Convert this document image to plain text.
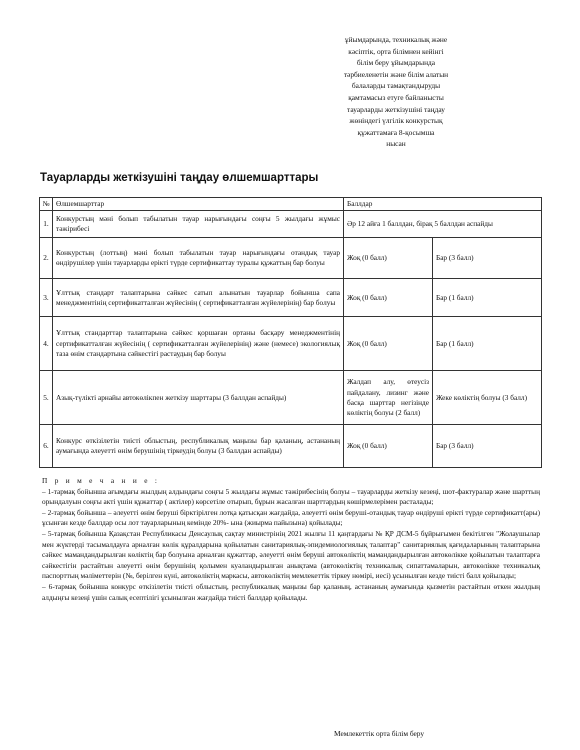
ұйымдарында, техникалық және
кәсіптік, орта білімнен кейінгі
білім беру ұйымдарында
тәрбиеленетін және білім алатын
балаларды тамақтандыруды
қамтамасыз етуге байланысты
тауарларды жеткізушіні таңдау
жөніндегі үлгілік конкурстық
құжаттамаға 8-қосымша
нысан
Тауарларды жеткізушіні таңдау өлшемшарттары
№	Өлшемшарттар	Баллдар	
1.	Конкурстың мәні болып табылатын тауар нарығындағы соңғы 5 жылдағы жұмыс тәжірибесі	Әр 12 айға 1 баллдан, бірақ 5 баллдан аспайды	
2.	Конкурстың (лоттың) мәні болып табылатын тауар нарығындағы отандық тауар өндірушілер үшін тауарларды еріктi түрде сертификаттау туралы құжаттың бар болуы	Жоқ (0 балл)	Бар (3 балл)
3.	Ұлттық стандарт талаптарына сәйкес сатып алынатын тауарлар бойынша сапа менеджментінің сертификатталған жүйесінің ( сертификатталған жүйелерінің) бар болуы	Жоқ (0 балл)	Бар (1 балл)
4.	Ұлттық стандарттар талаптарына сәйкес қоршаған ортаны басқару менеджментінің сертификатталған жүйесінің ( сертификатталған жүйелерінің) және (немесе) экологиялық таза өнім стандартына сәйкестігі растаудың бар болуы	Жоқ (0 балл)	Бар (1 балл)
5.	Азық-түлікті арнайы автокөлікпен жеткізу шарттары (3 баллдан аспайды)	Жалдап алу, өтеусіз пайдалану, лизинг және басқа шарттар негізінде көліктің болуы (2 балл)	Жеке көліктің болуы (3 балл)
6.	Конкурс өткізілетін тиісті облыстың, республикалық маңызы бар қаланың, астананың аумағында әлеуетті өнім берушінің тіркеудің болуы (3 баллдан аспайды)	Жоқ (0 балл)	Бар (3 балл)

П р и м е ч а н и е :

– 1-тармақ бойынша ағымдағы жылдың алдындағы соңғы 5 жылдағы жұмыс тәжірибесінің болуы – тауарларды жеткізу кезеңі, шот-фактуралар және шарттың орындалуын соңғы акті үшін құжаттар ( актілер) көрсетіле отырып, бұрын жасалған шарттардың көшірмелерімен расталады;

– 2-тармақ бойынша – әлеуетті өнім беруші бірктірілген лотқа қатысқан жағдайда, әлеуетті өнім беруші-отандық тауар өндіруші еріктi түрде сертификатт(ары) ұсынған кезде баллдар осы лот тауарларының кемінде 20%- ына (жиырма пайызына) қойылады;

– 5-тармақ бойынша Қазақстан Республикасы Денсаулық сақтау министрінің 2021 жылғы 11 қаңтардағы № ҚР ДСМ-5 бұйрығымен бекітілген "Жолаушылар мен жүктерді тасымалдауға арналған көлік құралдарына қойылатын санитариялық-эпидемиологиялық талаптар" санитариялық қағидаларының талаптарына сәйкес мамандандырылған көліктің бар болуына арналған құжаттар, әлеуетті өнім беруші автокөліктің мамандандырылған автокөлікке қойылатын талаптарға сәйкестігін растайтын әлеуетті өнім берушінің қолымен куәландырылған анықтама (автокөліктің техникалық сипаттамаларын, автокөлікке техникалық паспорттың мәліметтерін (№, берілген күні, автокөліктің маркасы, автокөліктің мемлекеттік тіркеу нөмірі, иесі) ұсынылған кезде тиісті балл қойылады;

– 6-тармақ бойынша конкурс өткізілетін тиісті облыстың, республикалық маңызы бар қаланың, астананың аумағында қызметін растайтын өткен жылдың алдыңғы кезеңі үшін салық есептілігі ұсынылған жағдайда тиісті баллдар қойылады.

Мемлекеттік орта білім беру
